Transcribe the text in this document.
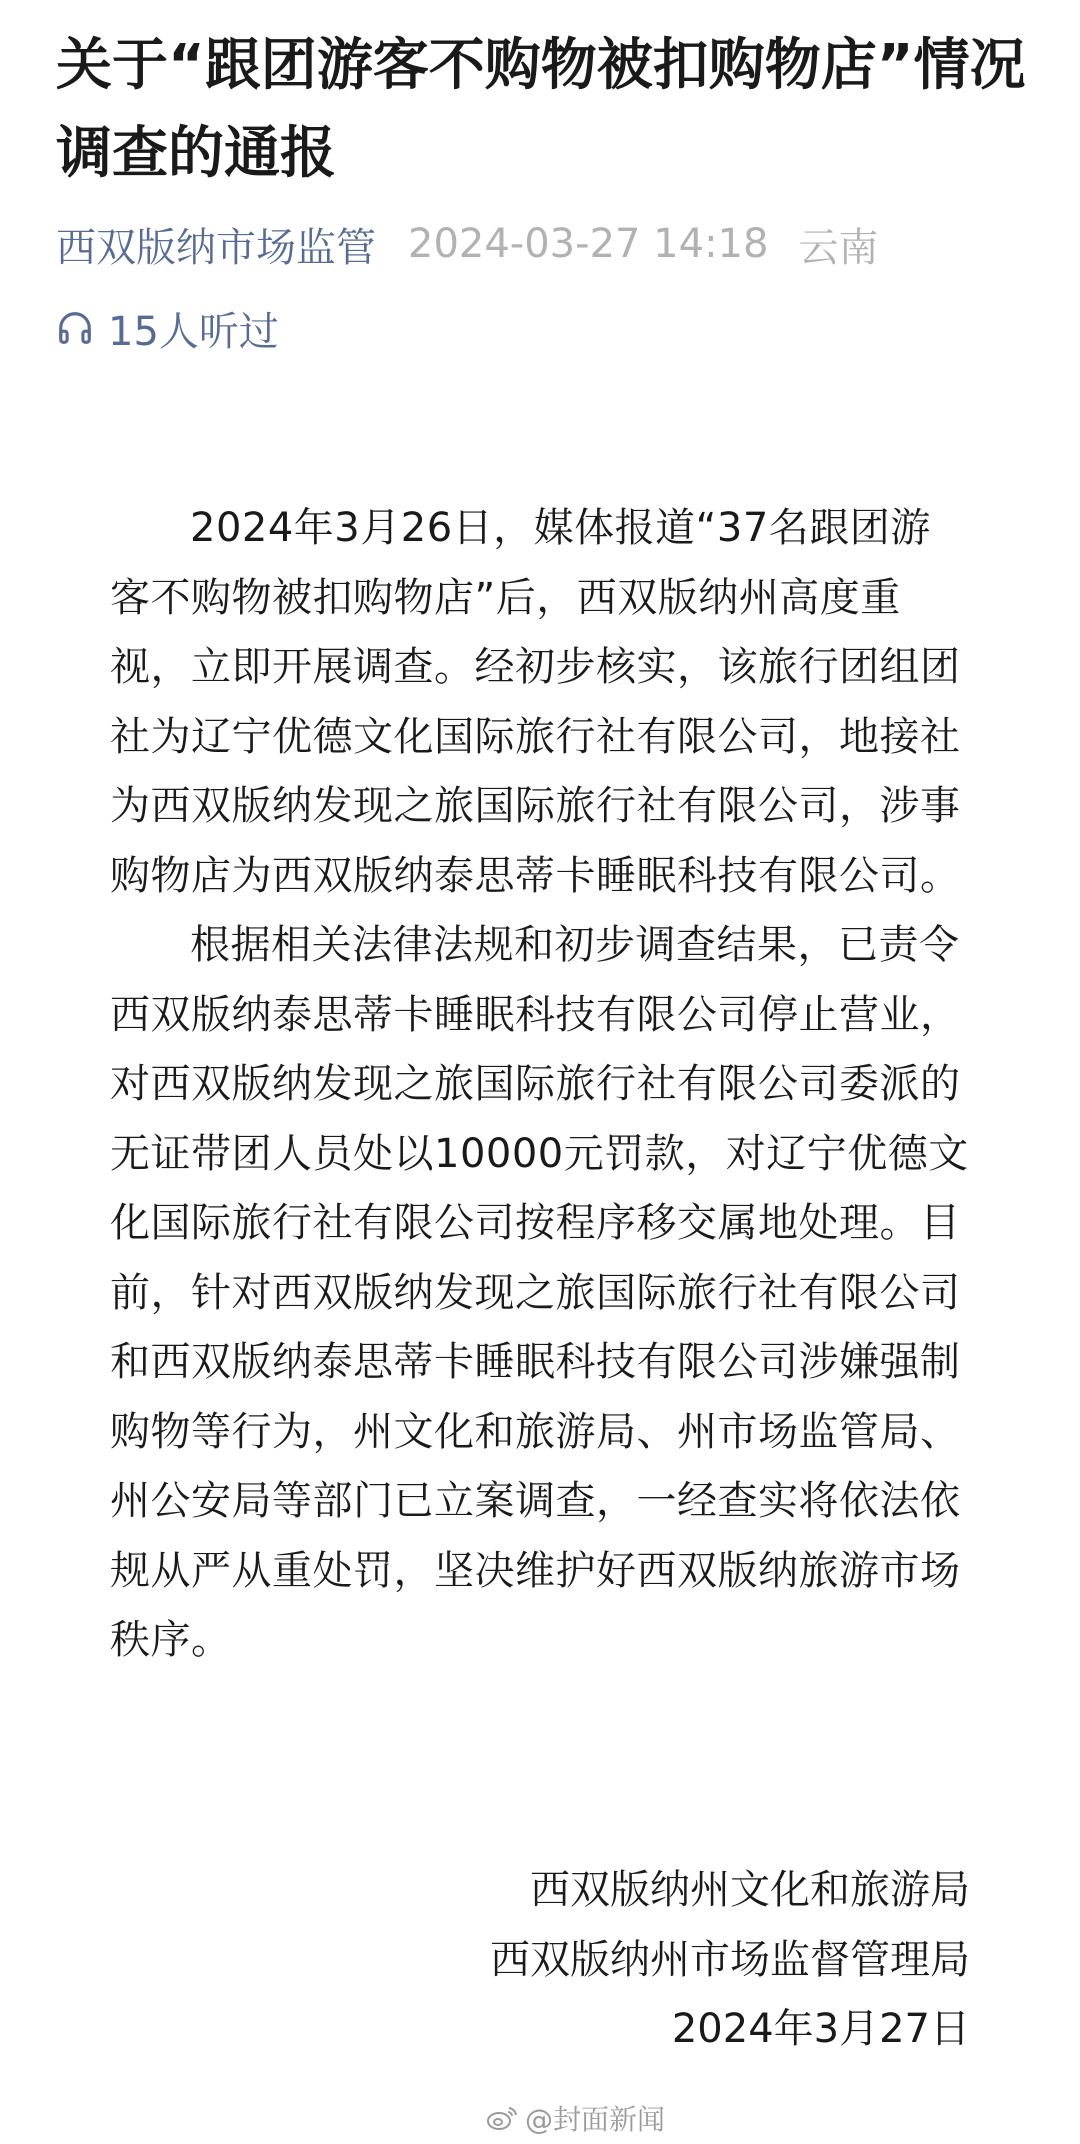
关于“跟团游客不购物被扣购物店”情况调查的通报
西双版纳市场监管 2024-03-27 14:18 云南
15人听过

2024年3月26日，媒体报道“37名跟团游客不购物被扣购物店”后，西双版纳州高度重视，立即开展调查。经初步核实，该旅行团组团社为辽宁优德文化国际旅行社有限公司，地接社为西双版纳发现之旅国际旅行社有限公司，涉事购物店为西双版纳泰思蒂卡睡眠科技有限公司。

根据相关法律法规和初步调查结果，已责令西双版纳泰思蒂卡睡眠科技有限公司停止营业，对西双版纳发现之旅国际旅行社有限公司委派的无证带团人员处以10000元罚款，对辽宁优德文化国际旅行社有限公司按程序移交属地处理。目前，针对西双版纳发现之旅国际旅行社有限公司和西双版纳泰思蒂卡睡眠科技有限公司涉嫌强制购物等行为，州文化和旅游局、州市场监管局、州公安局等部门已立案调查，一经查实将依法依规从严从重处罚，坚决维护好西双版纳旅游市场秩序。

西双版纳州文化和旅游局
西双版纳州市场监督管理局
2024年3月27日
@封面新闻
